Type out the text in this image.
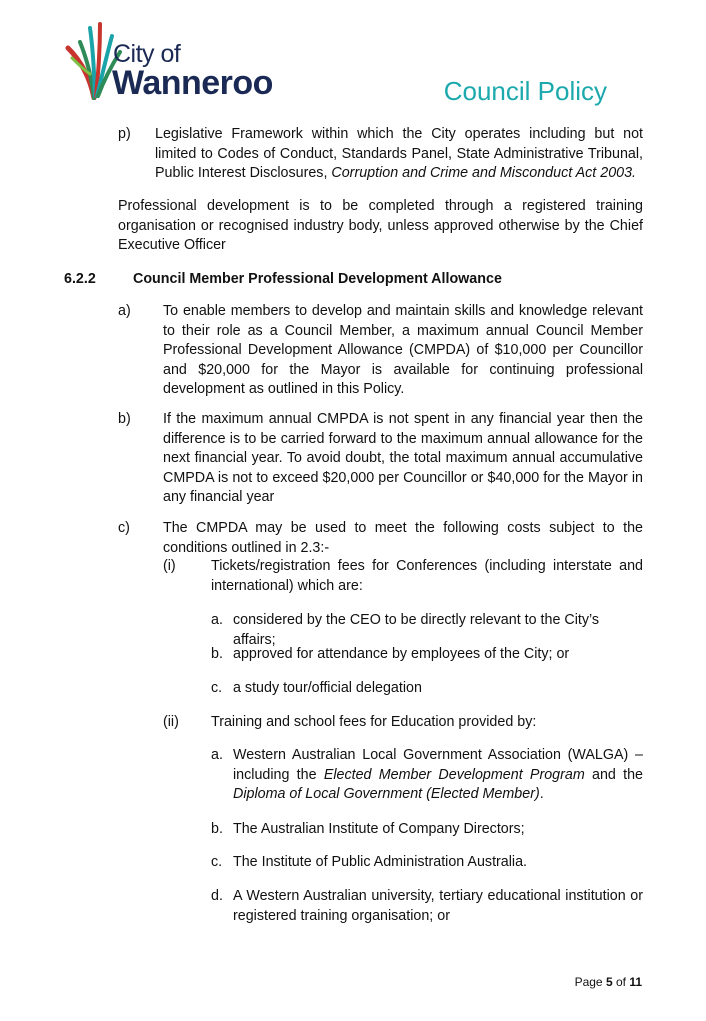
City of
Wanneroo	Council Policy
p) Legislative Framework within which the City operates including but not limited to Codes of Conduct, Standards Panel, State Administrative Tribunal, Public Interest Disclosures, Corruption and Crime and Misconduct Act 2003.
Professional development is to be completed through a registered training organisation or recognised industry body, unless approved otherwise by the Chief Executive Officer
6.2.2	Council Member Professional Development Allowance
a) To enable members to develop and maintain skills and knowledge relevant to their role as a Council Member, a maximum annual Council Member Professional Development Allowance (CMPDA) of $10,000 per Councillor and $20,000 for the Mayor is available for continuing professional development as outlined in this Policy.
b) If the maximum annual CMPDA is not spent in any financial year then the difference is to be carried forward to the maximum annual allowance for the next financial year. To avoid doubt, the total maximum annual accumulative CMPDA is not to exceed $20,000 per Councillor or $40,000 for the Mayor in any financial year
c) The CMPDA may be used to meet the following costs subject to the conditions outlined in 2.3:-
(i) Tickets/registration fees for Conferences (including interstate and international) which are:
a. considered by the CEO to be directly relevant to the City’s affairs;
b. approved for attendance by employees of the City; or
c. a study tour/official delegation
(ii) Training and school fees for Education provided by:
a. Western Australian Local Government Association (WALGA) – including the Elected Member Development Program and the Diploma of Local Government (Elected Member).
b. The Australian Institute of Company Directors;
c. The Institute of Public Administration Australia.
d. A Western Australian university, tertiary educational institution or registered training organisation; or
Page 5 of 11
